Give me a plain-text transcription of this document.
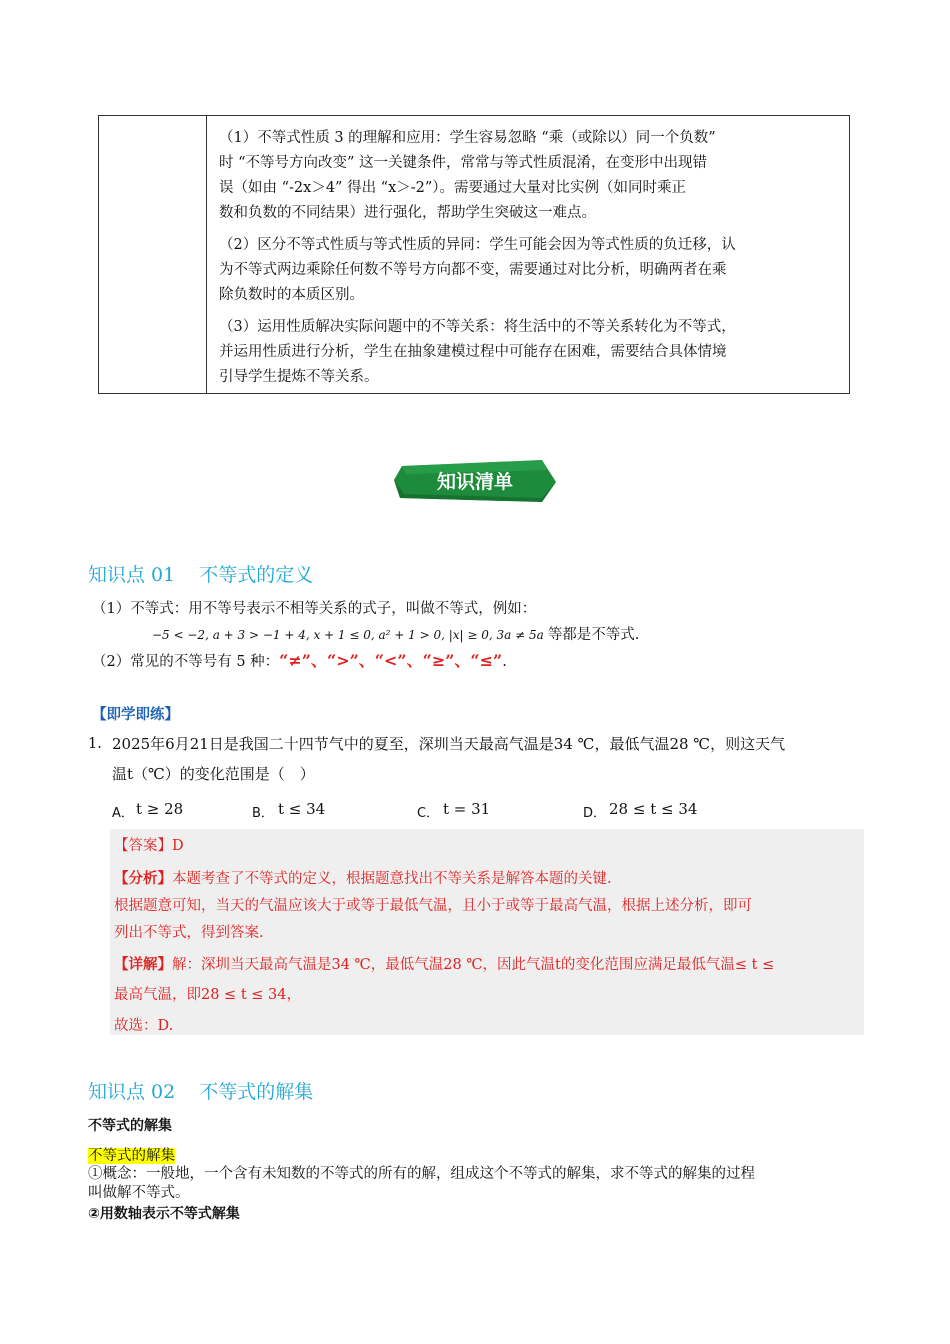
（1）不等式性质 3 的理解和应用：学生容易忽略 “乘（或除以）同一个负数”
时 “不等号方向改变” 这一关键条件，常常与等式性质混淆，在变形中出现错
误（如由 “-2x＞4” 得出 “x＞-2”）。需要通过大量对比实例（如同时乘正
数和负数的不同结果）进行强化，帮助学生突破这一难点。

（2）区分不等式性质与等式性质的异同：学生可能会因为等式性质的负迁移，认
为不等式两边乘除任何数不等号方向都不变，需要通过对比分析，明确两者在乘
除负数时的本质区别。

（3）运用性质解决实际问题中的不等关系：将生活中的不等关系转化为不等式，
并运用性质进行分析，学生在抽象建模过程中可能存在困难，需要结合具体情境
引导学生提炼不等关系。

知识清单
知识点 01 不等式的定义
（1）不等式：用不等号表示不相等关系的式子，叫做不等式，例如：
−5 < −2, a + 3 > −1 + 4, x + 1 ≤ 0, a² + 1 > 0, |x| ≥ 0, 3a ≠ 5a 等都是不等式.
（2）常见的不等号有 5 种：“≠”、“>”、“<”、“≥”、“≤”.
【即学即练】
1. 2025年6月21日是我国二十四节气中的夏至，深圳当天最高气温是34 ℃，最低气温28 ℃，则这天气
温t（℃）的变化范围是（　）
A． t ≥ 28	B． t ≤ 34	C． t = 31	D． 28 ≤ t ≤ 34
【答案】D
【分析】本题考查了不等式的定义，根据题意找出不等关系是解答本题的关键.
根据题意可知，当天的气温应该大于或等于最低气温，且小于或等于最高气温，根据上述分析，即可
列出不等式，得到答案.
【详解】解：深圳当天最高气温是34 ℃，最低气温28 ℃，因此气温t的变化范围应满足最低气温≤ t ≤
最高气温，即28 ≤ t ≤ 34，
故选：D.
知识点 02 不等式的解集
不等式的解集
不等式的解集
①概念：一般地，一个含有未知数的不等式的所有的解，组成这个不等式的解集，求不等式的解集的过程
叫做解不等式。
②用数轴表示不等式解集
